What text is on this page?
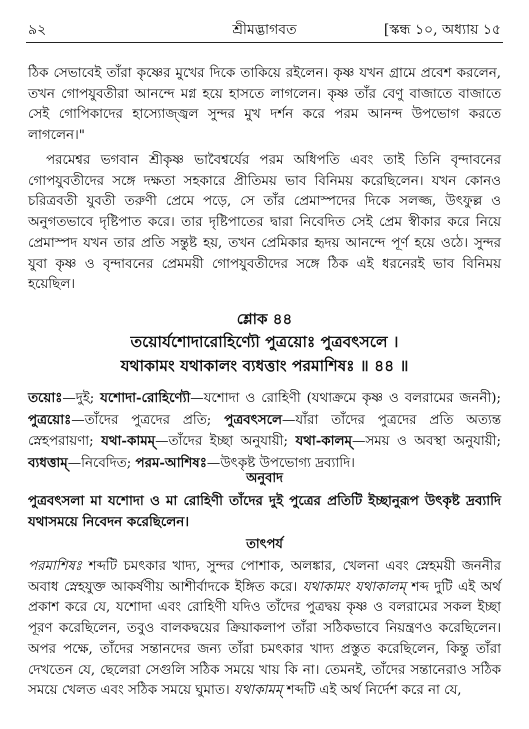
৯২	শ্রীমদ্ভাগবত	[স্কন্ধ ১০, অধ্যায় ১৫

ঠিক সেভাবেই তাঁরা কৃষ্ণের মুখের দিকে তাকিয়ে রইলেন। কৃষ্ণ যখন গ্রামে প্রবেশ করলেন, তখন গোপযুবতীরা আনন্দে মগ্ন হয়ে হাসতে লাগলেন। কৃষ্ণ তাঁর বেণু বাজাতে বাজাতে সেই গোপিকাদের হাস্যোজ্জ্বল সুন্দর মুখ দর্শন করে পরম আনন্দ উপভোগ করতে লাগলেন।"

পরমেশ্বর ভগবান শ্রীকৃষ্ণ ভাবৈশ্বর্যের পরম অধিপতি এবং তাই তিনি বৃন্দাবনের গোপযুবতীদের সঙ্গে দক্ষতা সহকারে প্রীতিময় ভাব বিনিময় করেছিলেন। যখন কোনও চরিত্রবতী যুবতী তরুণী প্রেমে পড়ে, সে তাঁর প্রেমাস্পদের দিকে সলজ্জ, উৎফুল্ল ও অনুগতভাবে দৃষ্টিপাত করে। তার দৃষ্টিপাতের দ্বারা নিবেদিত সেই প্রেম স্বীকার করে নিয়ে প্রেমাস্পদ যখন তার প্রতি সন্তুষ্ট হয়, তখন প্রেমিকার হৃদয় আনন্দে পূর্ণ হয়ে ওঠে। সুন্দর যুবা কৃষ্ণ ও বৃন্দাবনের প্রেমময়ী গোপযুবতীদের সঙ্গে ঠিক এই ধরনেরই ভাব বিনিময় হয়েছিল।

শ্লোক ৪৪

তয়োর্যশোদারোহিণ্যৌ পুত্রয়োঃ পুত্রবৎসলে ।

যথাকামং যথাকালং ব্যধত্তাং পরমাশিষঃ ॥ ৪৪ ॥

তয়োঃ—দুই; যশোদা-রোহিণ্যৌ—যশোদা ও রোহিণী (যথাক্রমে কৃষ্ণ ও বলরামের জননী); পুত্রয়োঃ—তাঁদের পুত্রদের প্রতি; পুত্রবৎসলে—যাঁরা তাঁদের পুত্রদের প্রতি অত্যন্ত স্নেহপরায়ণা; যথা-কামম্—তাঁদের ইচ্ছা অনুযায়ী; যথা-কালম্—সময় ও অবস্থা অনুযায়ী; ব্যধত্তাম্—নিবেদিত; পরম-আশিষঃ—উৎকৃষ্ট উপভোগ্য দ্রব্যাদি।

অনুবাদ

পুত্রবৎসলা মা যশোদা ও মা রোহিণী তাঁদের দুই পুত্রের প্রতিটি ইচ্ছানুরূপ উৎকৃষ্ট দ্রব্যাদি যথাসময়ে নিবেদন করেছিলেন।

তাৎপর্য

পরমাশিষঃ শব্দটি চমৎকার খাদ্য, সুন্দর পোশাক, অলঙ্কার, খেলনা এবং স্নেহময়ী জননীর অবাধ স্নেহযুক্ত আকর্ষণীয় আশীর্বাদকে ইঙ্গিত করে। যথাকামং যথাকালম্ শব্দ দুটি এই অর্থ প্রকাশ করে যে, যশোদা এবং রোহিণী যদিও তাঁদের পুত্রদ্বয় কৃষ্ণ ও বলরামের সকল ইচ্ছা পূরণ করেছিলেন, তবুও বালকদ্বয়ের ক্রিয়াকলাপ তাঁরা সঠিকভাবে নিয়ন্ত্রণও করেছিলেন। অপর পক্ষে, তাঁদের সন্তানদের জন্য তাঁরা চমৎকার খাদ্য প্রস্তুত করেছিলেন, কিন্তু তাঁরা দেখতেন যে, ছেলেরা সেগুলি সঠিক সময়ে খায় কি না। তেমনই, তাঁদের সন্তানেরাও সঠিক সময়ে খেলত এবং সঠিক সময়ে ঘুমাত। যথাকামম্ শব্দটি এই অর্থ নির্দেশ করে না যে,
